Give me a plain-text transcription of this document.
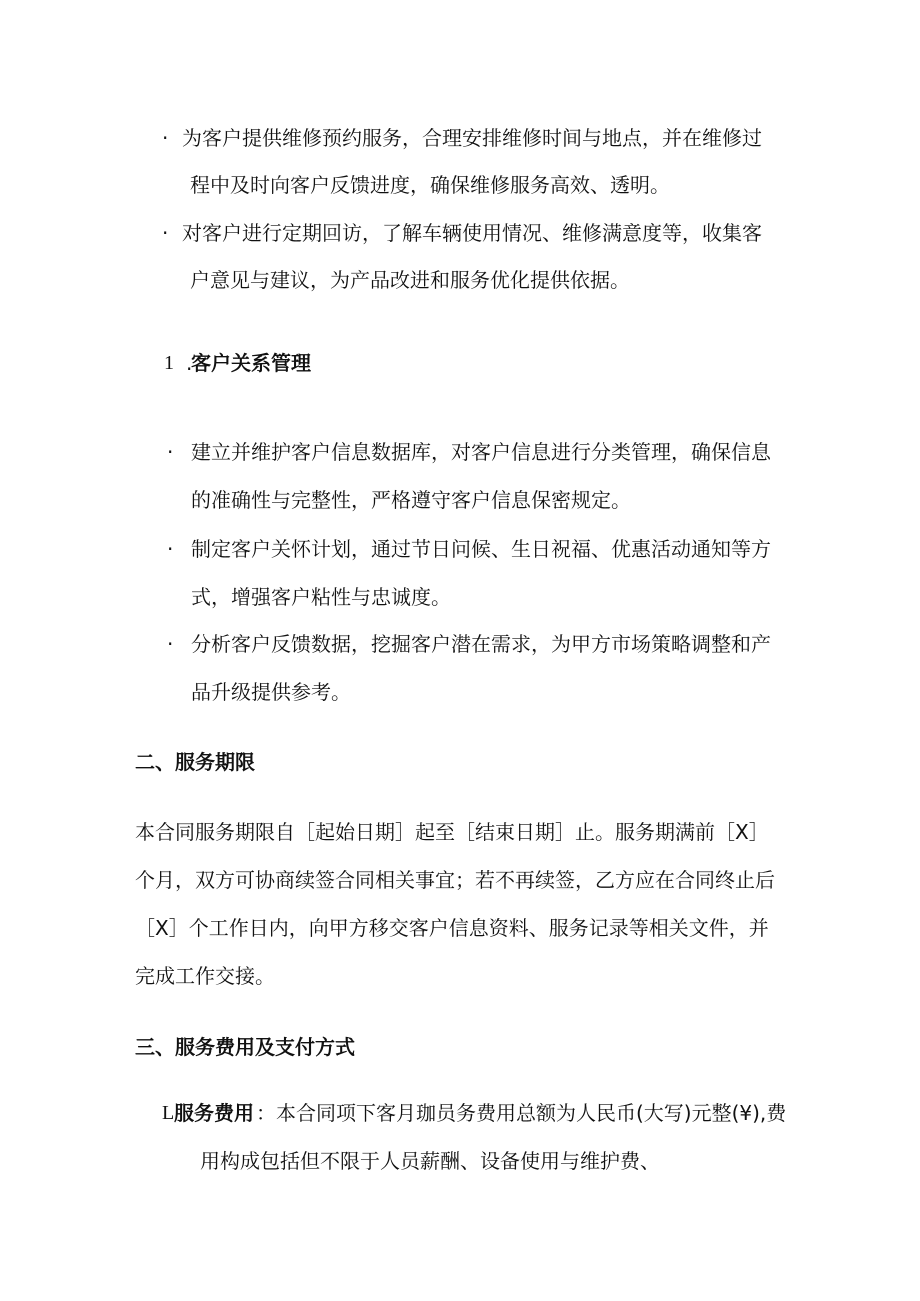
· 为客户提供维修预约服务，合理安排维修时间与地点，并在维修过
程中及时向客户反馈进度，确保维修服务高效、透明。
· 对客户进行定期回访，了解车辆使用情况、维修满意度等，收集客
户意见与建议，为产品改进和服务优化提供依据。
1 .
客户关系管理
· 建立并维护客户信息数据库，对客户信息进行分类管理，确保信息
的准确性与完整性，严格遵守客户信息保密规定。
· 制定客户关怀计划，通过节日问候、生日祝福、优惠活动通知等方
式，增强客户粘性与忠诚度。
· 分析客户反馈数据，挖掘客户潜在需求，为甲方市场策略调整和产
品升级提供参考。
二、服务期限
本合同服务期限自［起始日期］起至［结束日期］止。服务期满前［X］
个月，双方可协商续签合同相关事宜；若不再续签，乙方应在合同终止后
［X］个工作日内，向甲方移交客户信息资料、服务记录等相关文件，并
完成工作交接。
三、服务费用及支付方式
L 服务费用 ：本合同项下客月珈员务费用总额为人民币(大写)元整(¥),费
用构成包括但不限于人员薪酬、设备使用与维护费、
